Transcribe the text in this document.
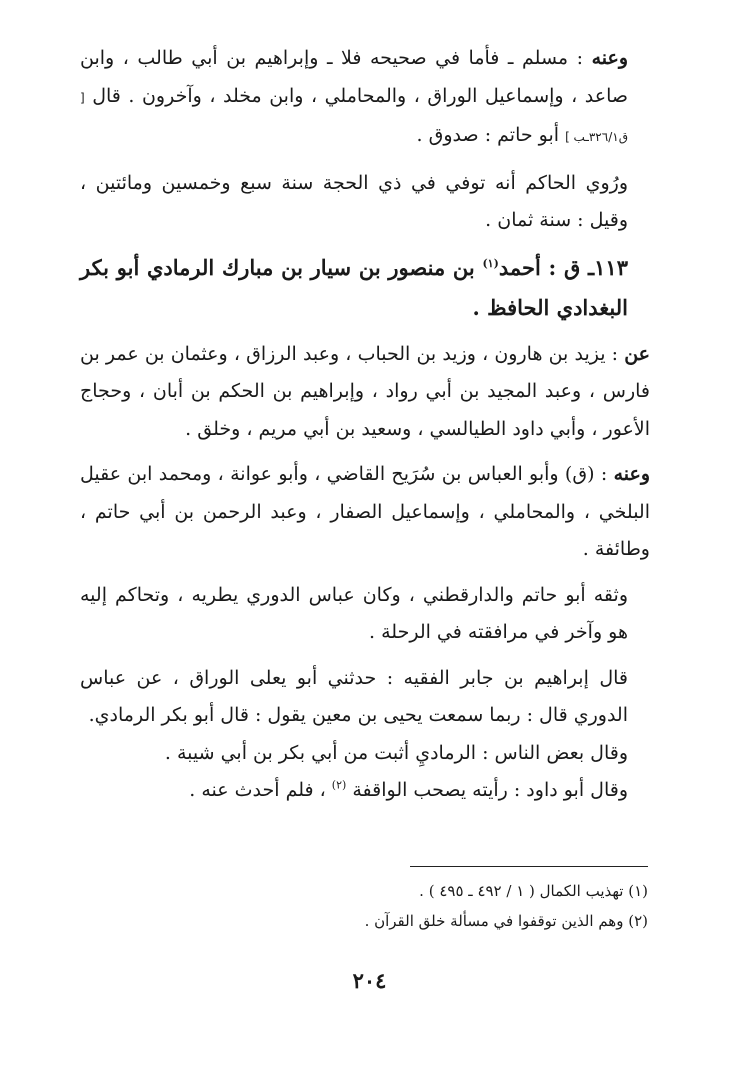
وعنه : مسلم ـ فأما في صحيحه فلا ـ وإبراهيم بن أبي طالب ، وابن صاعد ، وإسماعيل الوراق ، والمحاملي ، وابن مخلد ، وآخرون . قال [ ق٣٢٦/١ـب ] أبو حاتم : صدوق .

ورُوي الحاكم أنه توفي في ذي الحجة سنة سبع وخمسين ومائتين ، وقيل : سنة ثمان .

١١٣ـ ق : أحمد$^{(١)}$ بن منصور بن سيار بن مبارك الرمادي أبو بكر البغدادي الحافظ .

عن : يزيد بن هارون ، وزيد بن الحباب ، وعبد الرزاق ، وعثمان بن عمر بن فارس ، وعبد المجيد بن أبي رواد ، وإبراهيم بن الحكم بن أبان ، وحجاج الأعور ، وأبي داود الطيالسي ، وسعيد بن أبي مريم ، وخلق .

وعنه : (ق) وأبو العباس بن سُرَيح القاضي ، وأبو عوانة ، ومحمد ابن عقيل البلخي ، والمحاملي ، وإسماعيل الصفار ، وعبد الرحمن بن أبي حاتم ، وطائفة .

وثقه أبو حاتم والدارقطني ، وكان عباس الدوري يطريه ، وتحاكم إليه هو وآخر في مرافقته في الرحلة .

قال إبراهيم بن جابر الفقيه : حدثني أبو يعلى الوراق ، عن عباس الدوري قال : ربما سمعت يحيى بن معين يقول : قال أبو بكر الرمادي.

وقال بعض الناس : الرماديِ أثبت من أبي بكر بن أبي شيبة .

وقال أبو داود : رأيته يصحب الواقفة $^{(٢)}$ ، فلم أحدث عنه .

(١) تهذيب الكمال ( ١ / ٤٩٢ ـ ٤٩٥ ) .

(٢) وهم الذين توقفوا في مسألة خلق القرآن .

٢٠٤
